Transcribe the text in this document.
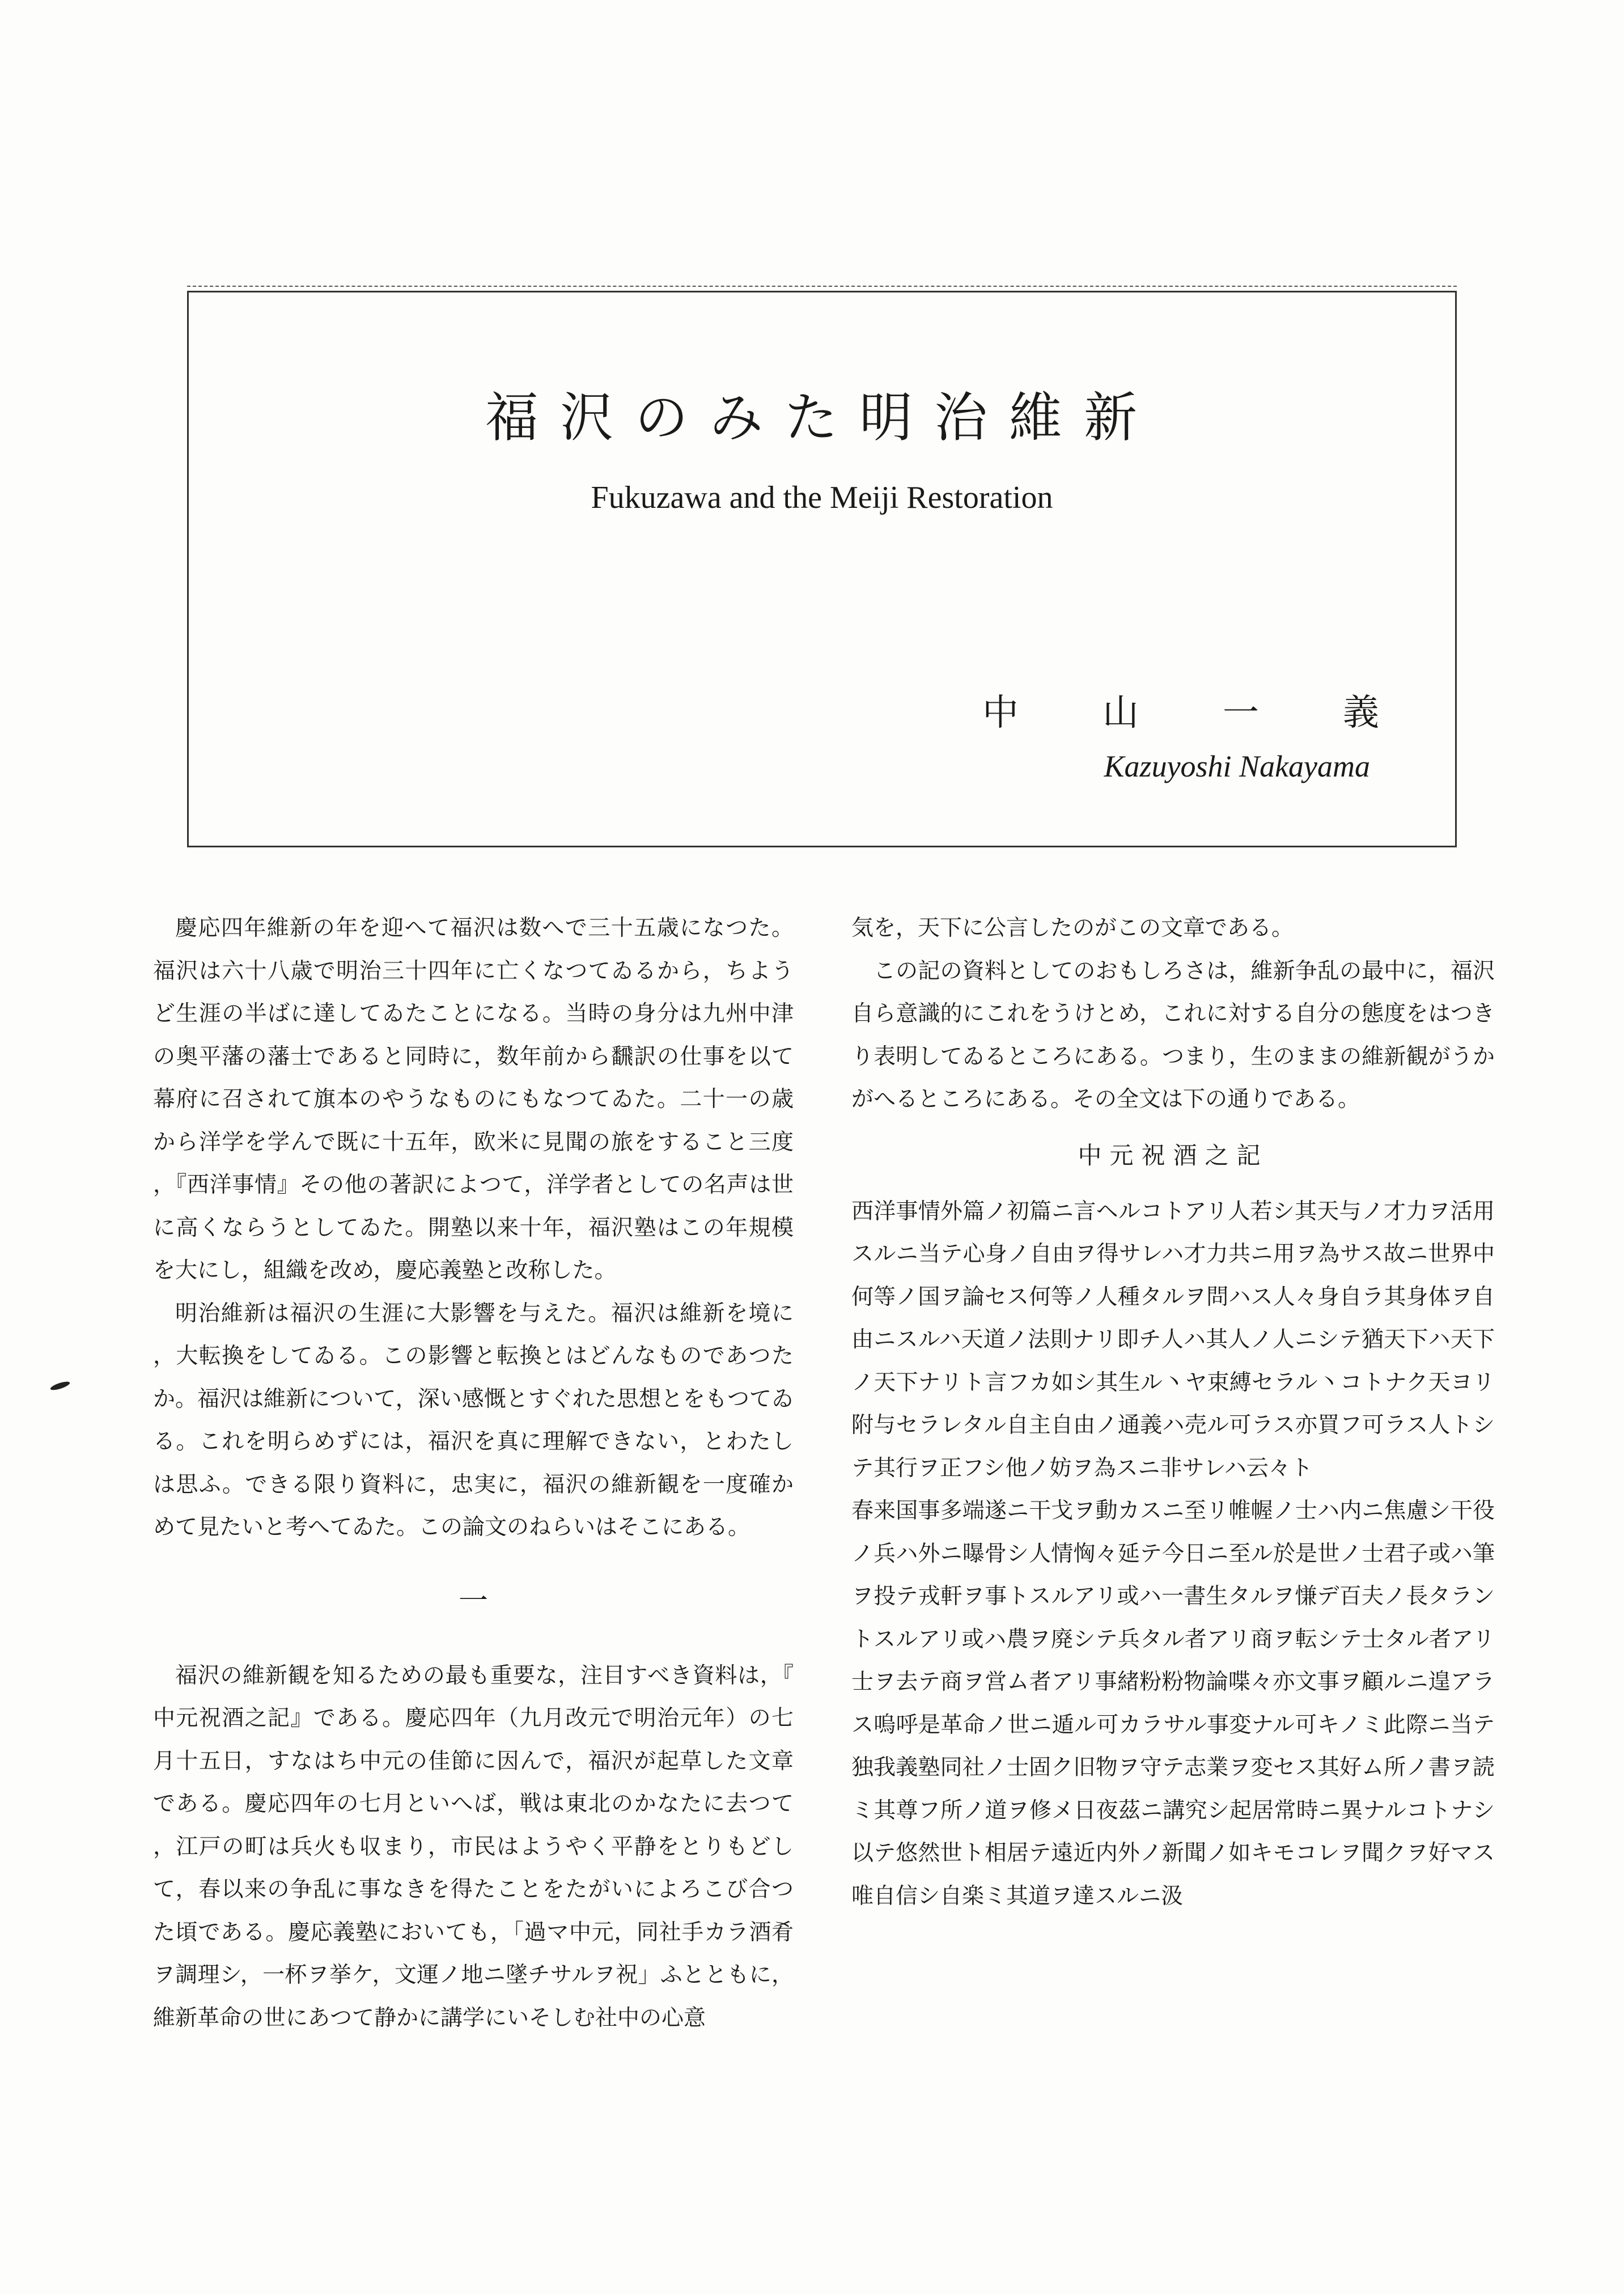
福沢のみた明治維新
Fukuzawa and the Meiji Restoration
中 山 一 義
Kazuyoshi Nakayama

慶応四年維新の年を迎へて福沢は数へで三十五歳になつた。福沢は六十八歳で明治三十四年に亡くなつてゐるから，ちようど生涯の半ばに達してゐたことになる。当時の身分は九州中津の奥平藩の藩士であると同時に，数年前から飜訳の仕事を以て幕府に召されて旗本のやうなものにもなつてゐた。二十一の歳から洋学を学んで既に十五年，欧米に見聞の旅をすること三度，『西洋事情』その他の著訳によつて，洋学者としての名声は世に高くならうとしてゐた。開塾以来十年，福沢塾はこの年規模を大にし，組織を改め，慶応義塾と改称した。

明治維新は福沢の生涯に大影響を与えた。福沢は維新を境に，大転換をしてゐる。この影響と転換とはどんなものであつたか。福沢は維新について，深い感慨とすぐれた思想とをもつてゐる。これを明らめずには，福沢を真に理解できない，とわたしは思ふ。できる限り資料に，忠実に，福沢の維新観を一度確かめて見たいと考へてゐた。この論文のねらいはそこにある。

一

福沢の維新観を知るための最も重要な，注目すべき資料は，『中元祝酒之記』である。慶応四年（九月改元で明治元年）の七月十五日，すなはち中元の佳節に因んで，福沢が起草した文章である。慶応四年の七月といへば，戦は東北のかなたに去つて，江戸の町は兵火も収まり，市民はようやく平静をとりもどして，春以来の争乱に事なきを得たことをたがいによろこび合つた頃である。慶応義塾においても，「過マ中元，同社手カラ酒肴ヲ調理シ，一杯ヲ挙ケ，文運ノ地ニ墜チサルヲ祝」ふとともに，維新革命の世にあつて静かに講学にいそしむ社中の心意

気を，天下に公言したのがこの文章である。

この記の資料としてのおもしろさは，維新争乱の最中に，福沢自ら意識的にこれをうけとめ，これに対する自分の態度をはつきり表明してゐるところにある。つまり，生のままの維新観がうかがへるところにある。その全文は下の通りである。

中元祝酒之記

西洋事情外篇ノ初篇ニ言ヘルコトアリ人若シ其天与ノ才力ヲ活用スルニ当テ心身ノ自由ヲ得サレハ才力共ニ用ヲ為サス故ニ世界中何等ノ国ヲ論セス何等ノ人種タルヲ問ハス人々身自ラ其身体ヲ自由ニスルハ天道ノ法則ナリ即チ人ハ其人ノ人ニシテ猶天下ハ天下ノ天下ナリト言フカ如シ其生ル丶ヤ束縛セラル丶コトナク天ヨリ附与セラレタル自主自由ノ通義ハ売ル可ラス亦買フ可ラス人トシテ其行ヲ正フシ他ノ妨ヲ為スニ非サレハ云々ト

春来国事多端遂ニ干戈ヲ動カスニ至リ帷幄ノ士ハ内ニ焦慮シ干役ノ兵ハ外ニ曝骨シ人情恟々延テ今日ニ至ル於是世ノ士君子或ハ筆ヲ投テ戎軒ヲ事トスルアリ或ハ一書生タルヲ慊デ百夫ノ長タラントスルアリ或ハ農ヲ廃シテ兵タル者アリ商ヲ転シテ士タル者アリ士ヲ去テ商ヲ営ム者アリ事緒粉粉物論喋々亦文事ヲ顧ルニ遑アラス嗚呼是革命ノ世ニ遁ル可カラサル事変ナル可キノミ此際ニ当テ独我義塾同社ノ士固ク旧物ヲ守テ志業ヲ変セス其好ム所ノ書ヲ読ミ其尊フ所ノ道ヲ修メ日夜茲ニ講究シ起居常時ニ異ナルコトナシ以テ悠然世ト相居テ遠近内外ノ新聞ノ如キモコレヲ聞クヲ好マス唯自信シ自楽ミ其道ヲ達スルニ汲
